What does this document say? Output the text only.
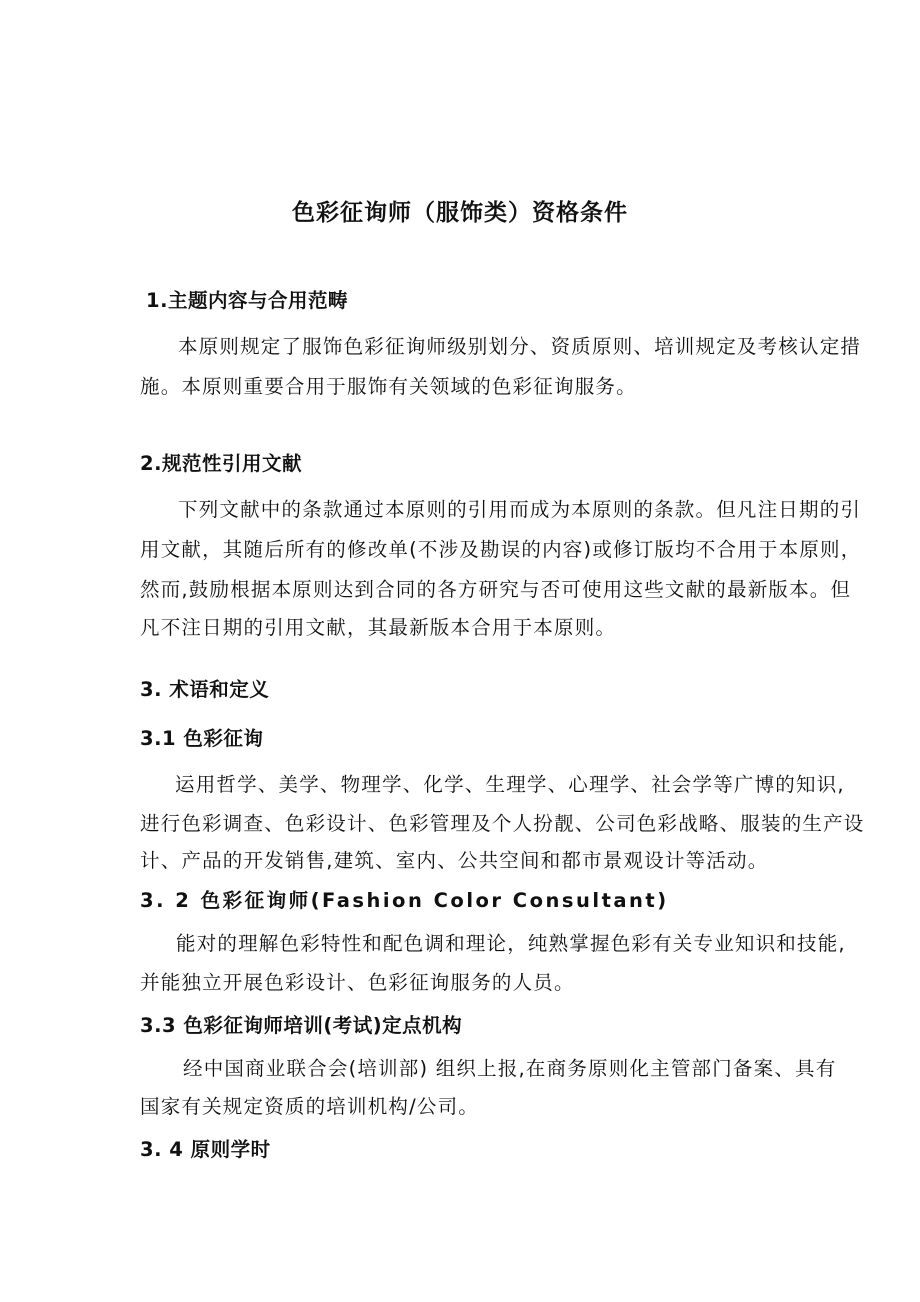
色彩征询师（服饰类）资格条件
1.主题内容与合用范畴
本原则规定了服饰色彩征询师级别划分、资质原则、培训规定及考核认定措
施。本原则重要合用于服饰有关领域的色彩征询服务。
2.规范性引用文献
下列文献中的条款通过本原则的引用而成为本原则的条款。但凡注日期的引
用文献，其随后所有的修改单(不涉及勘误的内容)或修订版均不合用于本原则，
然而,鼓励根据本原则达到合同的各方研究与否可使用这些文献的最新版本。但
凡不注日期的引用文献，其最新版本合用于本原则。
3. 术语和定义
3.1 色彩征询
运用哲学、美学、物理学、化学、生理学、心理学、社会学等广博的知识,
进行色彩调查、色彩设计、色彩管理及个人扮靓、公司色彩战略、服装的生产设
计、产品的开发销售,建筑、室内、公共空间和都市景观设计等活动。
3. 2 色彩征询师(Fashion Color Consultant)
能对的理解色彩特性和配色调和理论，纯熟掌握色彩有关专业知识和技能,
并能独立开展色彩设计、色彩征询服务的人员。
3.3 色彩征询师培训(考试)定点机构
经中国商业联合会(培训部) 组织上报,在商务原则化主管部门备案、具有
国家有关规定资质的培训机构/公司。
3. 4 原则学时
